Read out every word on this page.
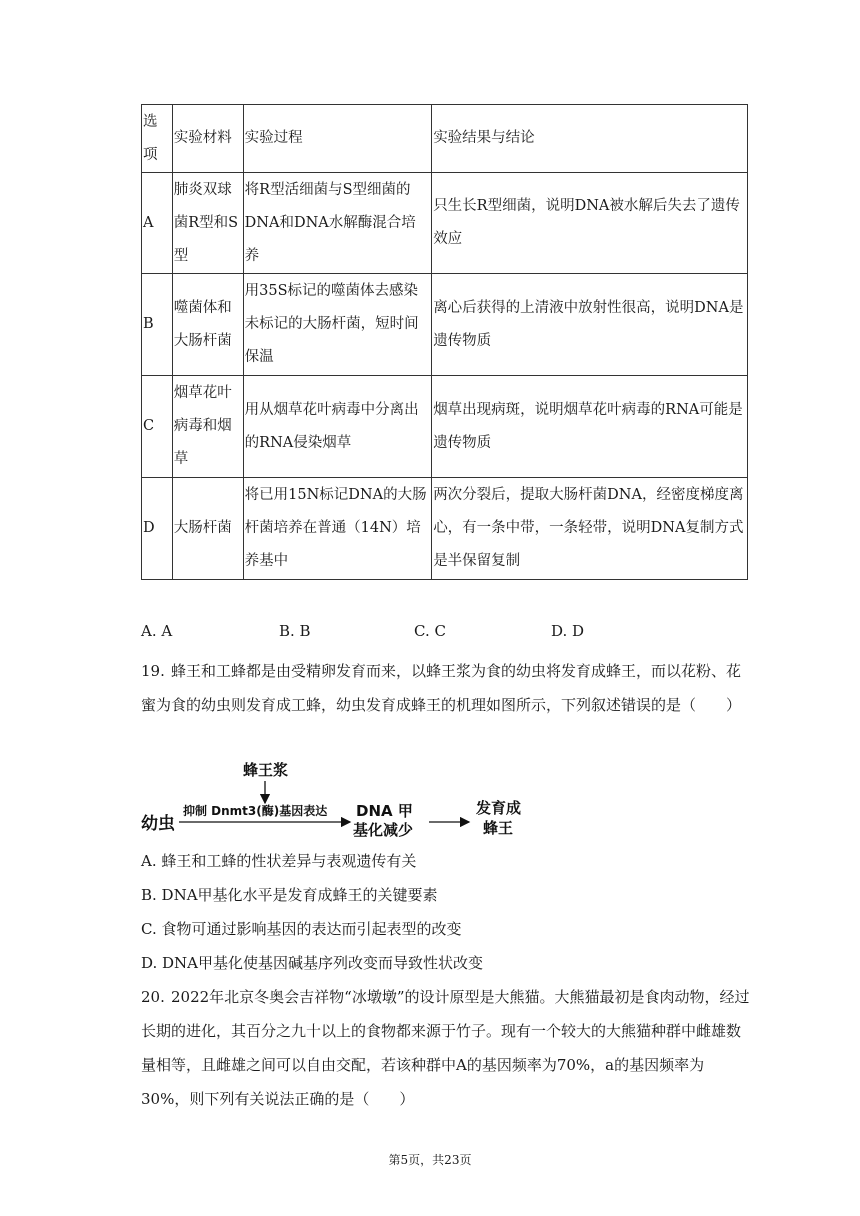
选项	实验材料	实验过程	实验结果与结论
A	肺炎双球菌R型和S型	将R型活细菌与S型细菌的DNA和DNA水解酶混合培养	只生长R型细菌，说明DNA被水解后失去了遗传效应
B	噬菌体和大肠杆菌	用35S标记的噬菌体去感染未标记的大肠杆菌，短时间保温	离心后获得的上清液中放射性很高，说明DNA是遗传物质
C	烟草花叶病毒和烟草	用从烟草花叶病毒中分离出的RNA侵染烟草	烟草出现病斑，说明烟草花叶病毒的RNA可能是遗传物质
D	大肠杆菌	将已用15N标记DNA的大肠杆菌培养在普通（14N）培养基中	两次分裂后，提取大肠杆菌DNA，经密度梯度离心，有一条中带，一条轻带，说明DNA复制方式是半保留复制
A. A	B. B	C. C	D. D
19. 蜂王和工蜂都是由受精卵发育而来，以蜂王浆为食的幼虫将发育成蜂王，而以花粉、花蜜为食的幼虫则发育成工蜂，幼虫发育成蜂王的机理如图所示，下列叙述错误的是（　　）
蜂王浆
幼虫
抑制 Dnmt3(酶)基因表达 DNA 甲
基化减少
发育成
蜂王
A. 蜂王和工蜂的性状差异与表观遗传有关
B. DNA甲基化水平是发育成蜂王的关键要素
C. 食物可通过影响基因的表达而引起表型的改变
D. DNA甲基化使基因碱基序列改变而导致性状改变
20. 2022年北京冬奥会吉祥物“冰墩墩”的设计原型是大熊猫。大熊猫最初是食肉动物，经过长期的进化，其百分之九十以上的食物都来源于竹子。现有一个较大的大熊猫种群中雌雄数量相等，且雌雄之间可以自由交配，若该种群中A的基因频率为70%，a的基因频率为30%，则下列有关说法正确的是（　　）
第5页，共23页
